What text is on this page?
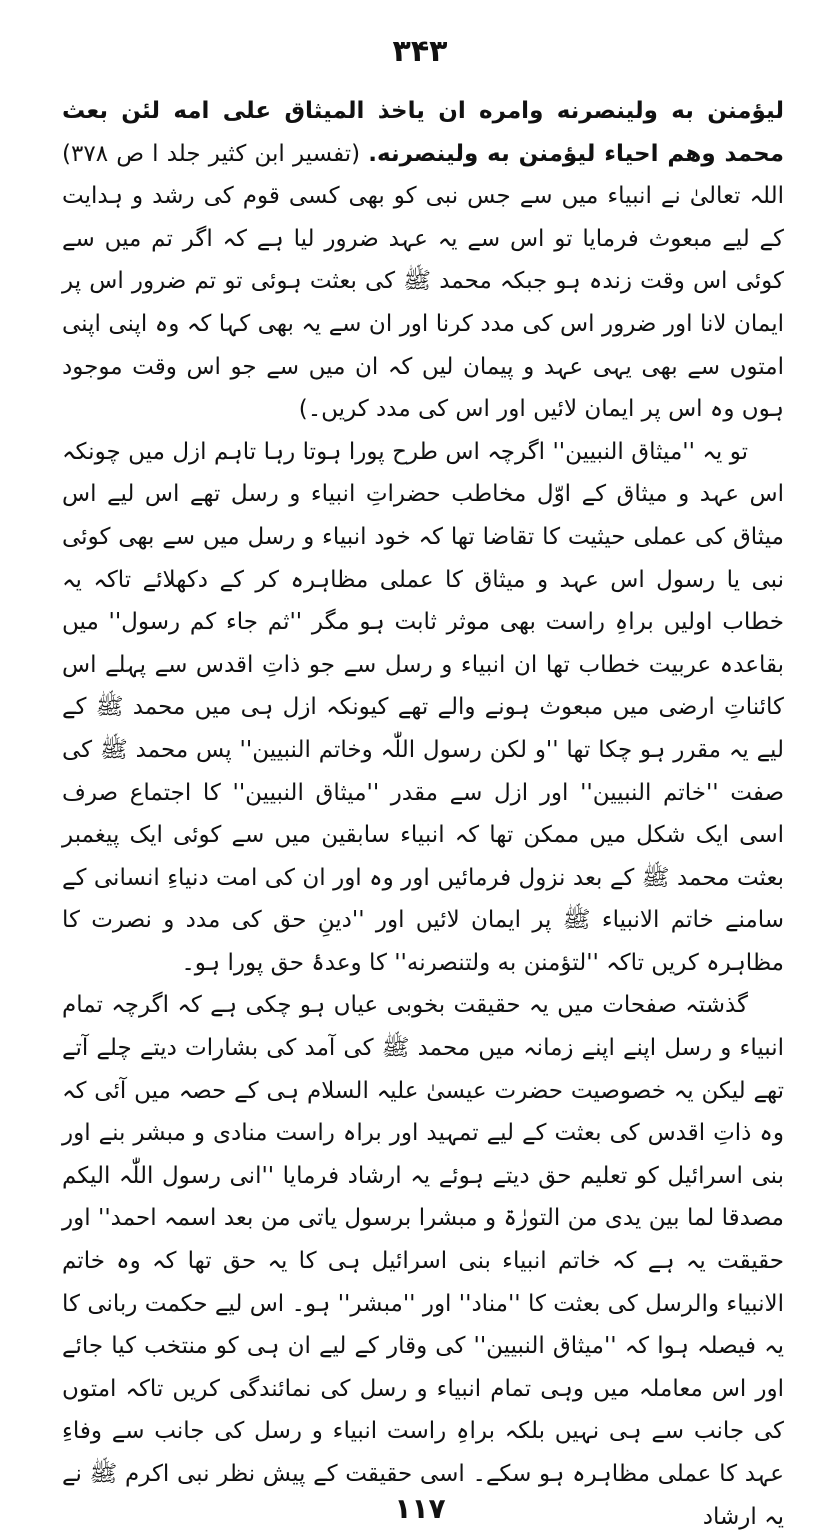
۳۴۳

لیؤمنن به ولینصرنه وامره ان یاخذ المیثاق علی امه لئن بعث محمد وهم احیاء لیؤمنن به ولینصرنه. (تفسیر ابن کثیر جلد ا ص ۳۷۸) اللہ تعالیٰ نے انبیاء میں سے جس نبی کو بھی کسی قوم کی رشد و ہدایت کے لیے مبعوث فرمایا تو اس سے یہ عہد ضرور لیا ہے کہ اگر تم میں سے کوئی اس وقت زندہ ہو جبکہ محمد ﷺ کی بعثت ہوئی تو تم ضرور اس پر ایمان لانا اور ضرور اس کی مدد کرنا اور ان سے یہ بھی کہا کہ وہ اپنی اپنی امتوں سے بھی یہی عہد و پیمان لیں کہ ان میں سے جو اس وقت موجود ہوں وہ اس پر ایمان لائیں اور اس کی مدد کریں۔)

تو یہ ''میثاق النبیین'' اگرچہ اس طرح پورا ہوتا رہا تاہم ازل میں چونکہ اس عہد و میثاق کے اوّل مخاطب حضراتِ انبیاء و رسل تھے اس لیے اس میثاق کی عملی حیثیت کا تقاضا تھا کہ خود انبیاء و رسل میں سے بھی کوئی نبی یا رسول اس عہد و میثاق کا عملی مظاہرہ کر کے دکھلائے تاکہ یہ خطاب اولیں براہِ راست بھی موثر ثابت ہو مگر ''ثم جاء کم رسول'' میں بقاعدہ عربیت خطاب تھا ان انبیاء و رسل سے جو ذاتِ اقدس سے پہلے اس کائناتِ ارضی میں مبعوث ہونے والے تھے کیونکہ ازل ہی میں محمد ﷺ کے لیے یہ مقرر ہو چکا تھا ''و لکن رسول اللّٰہ وخاتم النبیین'' پس محمد ﷺ کی صفت ''خاتم النبیین'' اور ازل سے مقدر ''میثاق النبیین'' کا اجتماع صرف اسی ایک شکل میں ممکن تھا کہ انبیاء سابقین میں سے کوئی ایک پیغمبر بعثت محمد ﷺ کے بعد نزول فرمائیں اور وہ اور ان کی امت دنیاءِ انسانی کے سامنے خاتم الانبیاء ﷺ پر ایمان لائیں اور ''دینِ حق کی مدد و نصرت کا مظاہرہ کریں تاکہ ''لتؤمنن به ولتنصرنه'' کا وعدۂ حق پورا ہو۔

گذشتہ صفحات میں یہ حقیقت بخوبی عیاں ہو چکی ہے کہ اگرچہ تمام انبیاء و رسل اپنے اپنے زمانہ میں محمد ﷺ کی آمد کی بشارات دیتے چلے آتے تھے لیکن یہ خصوصیت حضرت عیسیٰ علیہ السلام ہی کے حصہ میں آئی کہ وہ ذاتِ اقدس کی بعثت کے لیے تمہید اور براہ راست منادی و مبشر بنے اور بنی اسرائیل کو تعلیم حق دیتے ہوئے یہ ارشاد فرمایا ''انی رسول اللّٰہ الیکم مصدقا لما بین یدی من التورٰۃ و مبشرا برسول یاتی من بعد اسمہ احمد'' اور حقیقت یہ ہے کہ خاتم انبیاء بنی اسرائیل ہی کا یہ حق تھا کہ وہ خاتم الانبیاء والرسل کی بعثت کا ''مناد'' اور ''مبشر'' ہو۔ اس لیے حکمت ربانی کا یہ فیصلہ ہوا کہ ''میثاق النبیین'' کی وقار کے لیے ان ہی کو منتخب کیا جائے اور اس معاملہ میں وہی تمام انبیاء و رسل کی نمائندگی کریں تاکہ امتوں کی جانب سے ہی نہیں بلکہ براہِ راست انبیاء و رسل کی جانب سے وفاءِ عہد کا عملی مظاہرہ ہو سکے۔ اسی حقیقت کے پیش نظر نبی اکرم ﷺ نے یہ ارشاد

۱۱۷
